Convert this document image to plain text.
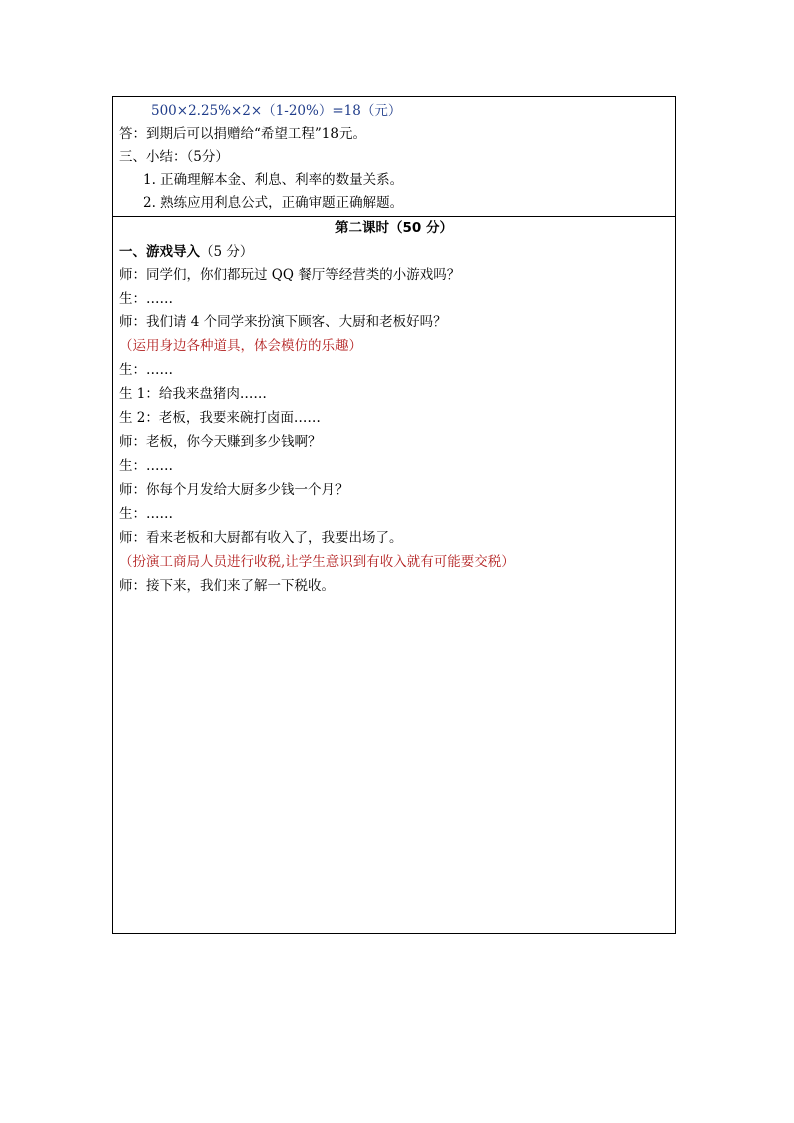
500×2.25%×2×（1-20%）=18（元）
答：到期后可以捐赠给“希望工程”18元。
三、小结：（5分）
1. 正确理解本金、利息、利率的数量关系。
2. 熟练应用利息公式，正确审题正确解题。
第二课时（50 分）
一、游戏导入（5 分）
师：同学们，你们都玩过 QQ 餐厅等经营类的小游戏吗？
生：……
师：我们请 4 个同学来扮演下顾客、大厨和老板好吗？
（运用身边各种道具，体会模仿的乐趣）
生：……
生 1：给我来盘猪肉……
生 2：老板，我要来碗打卤面……
师：老板，你今天赚到多少钱啊？
生：……
师：你每个月发给大厨多少钱一个月？
生：……
师：看来老板和大厨都有收入了，我要出场了。
（扮演工商局人员进行收税,让学生意识到有收入就有可能要交税）
师：接下来，我们来了解一下税收。
